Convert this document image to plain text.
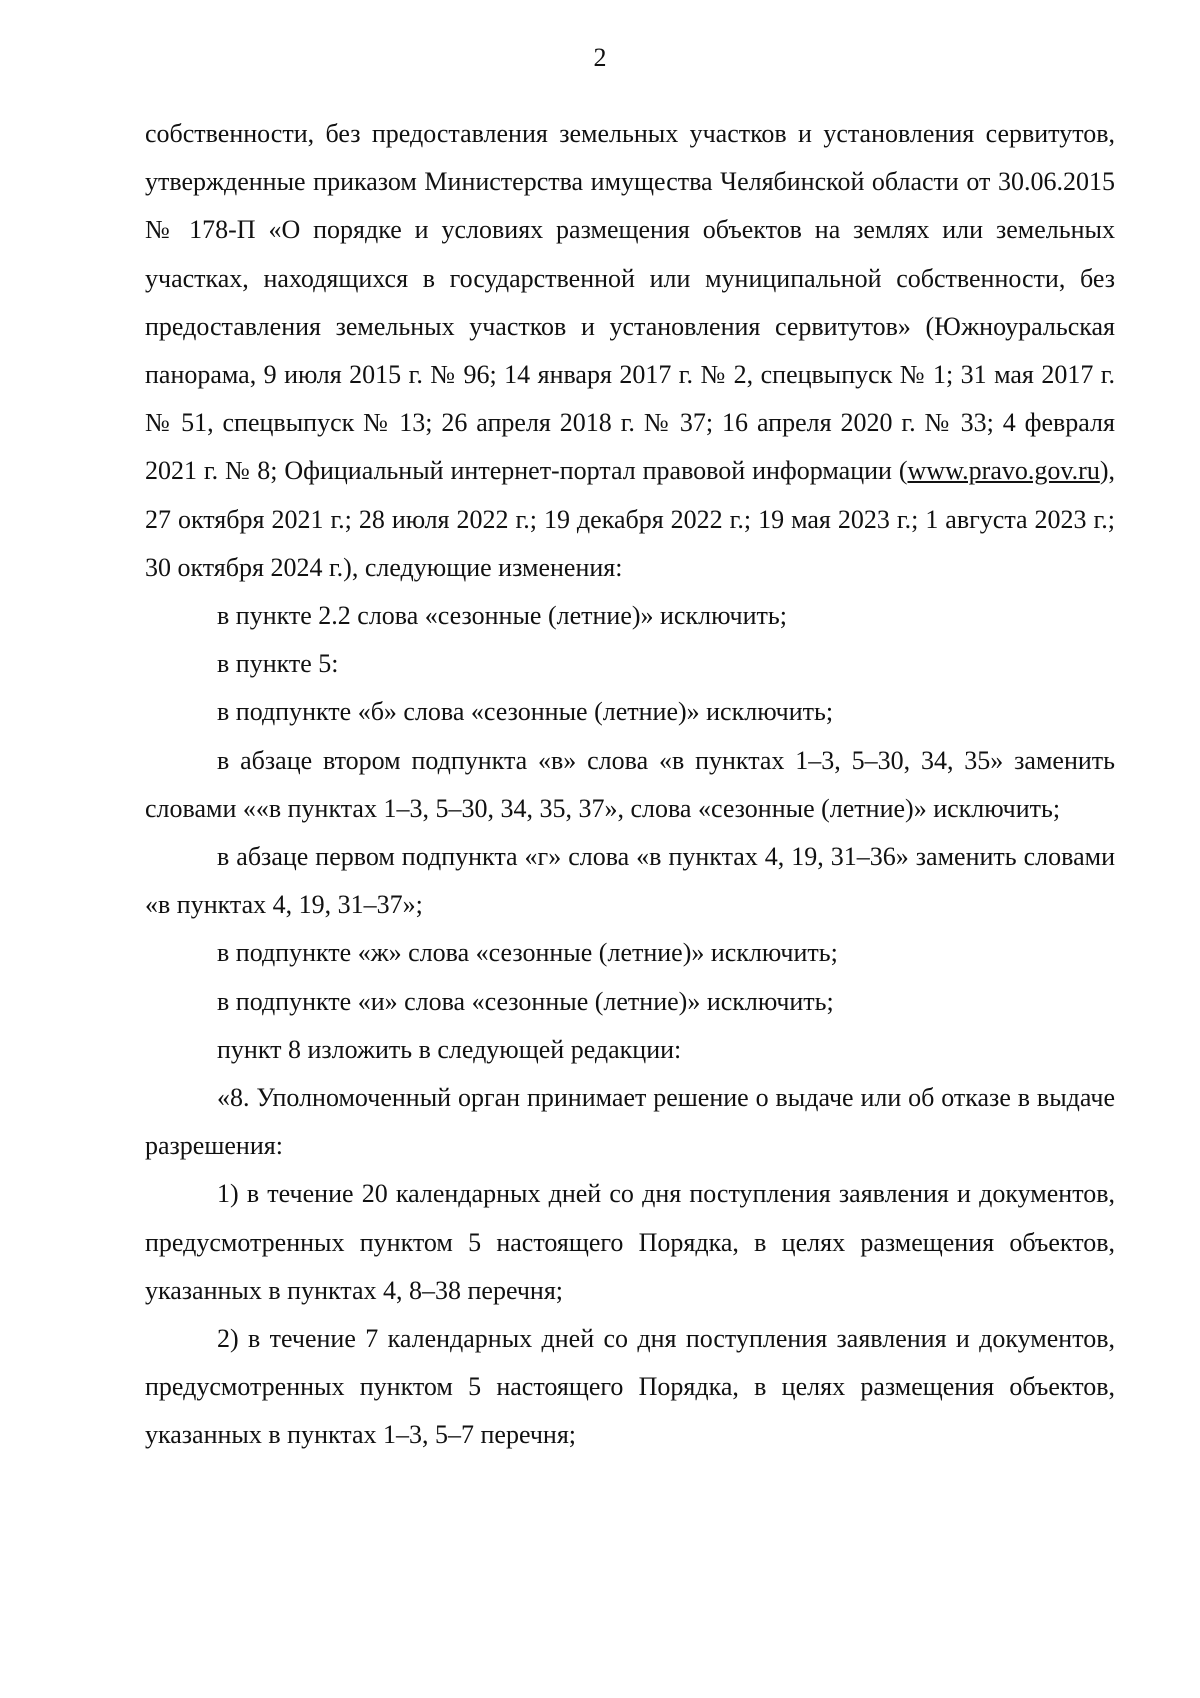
2

собственности, без предоставления земельных участков и установления сервитутов, утвержденные приказом Министерства имущества Челябинской области от 30.06.2015 № 178-П «О порядке и условиях размещения объектов на землях или земельных участках, находящихся в государственной или муниципальной собственности, без предоставления земельных участков и установления сервитутов» (Южноуральская панорама, 9 июля 2015 г. № 96; 14 января 2017 г. № 2, спецвыпуск № 1; 31 мая 2017 г. № 51, спецвыпуск № 13; 26 апреля 2018 г. № 37; 16 апреля 2020 г. № 33; 4 февраля 2021 г. № 8; Официальный интернет-портал правовой информации (www.pravo.gov.ru), 27 октября 2021 г.; 28 июля 2022 г.; 19 декабря 2022 г.; 19 мая 2023 г.; 1 августа 2023 г.; 30 октября 2024 г.), следующие изменения:

в пункте 2.2 слова «сезонные (летние)» исключить;

в пункте 5:

в подпункте «б» слова «сезонные (летние)» исключить;

в абзаце втором подпункта «в» слова «в пунктах 1–3, 5–30, 34, 35» заменить словами ««в пунктах 1–3, 5–30, 34, 35, 37», слова «сезонные (летние)» исключить;

в абзаце первом подпункта «г» слова «в пунктах 4, 19, 31–36» заменить словами «в пунктах 4, 19, 31–37»;

в подпункте «ж» слова «сезонные (летние)» исключить;

в подпункте «и» слова «сезонные (летние)» исключить;

пункт 8 изложить в следующей редакции:

«8. Уполномоченный орган принимает решение о выдаче или об отказе в выдаче разрешения:

1) в течение 20 календарных дней со дня поступления заявления и документов, предусмотренных пунктом 5 настоящего Порядка, в целях размещения объектов, указанных в пунктах 4, 8–38 перечня;

2) в течение 7 календарных дней со дня поступления заявления и документов, предусмотренных пунктом 5 настоящего Порядка, в целях размещения объектов, указанных в пунктах 1–3, 5–7 перечня;
